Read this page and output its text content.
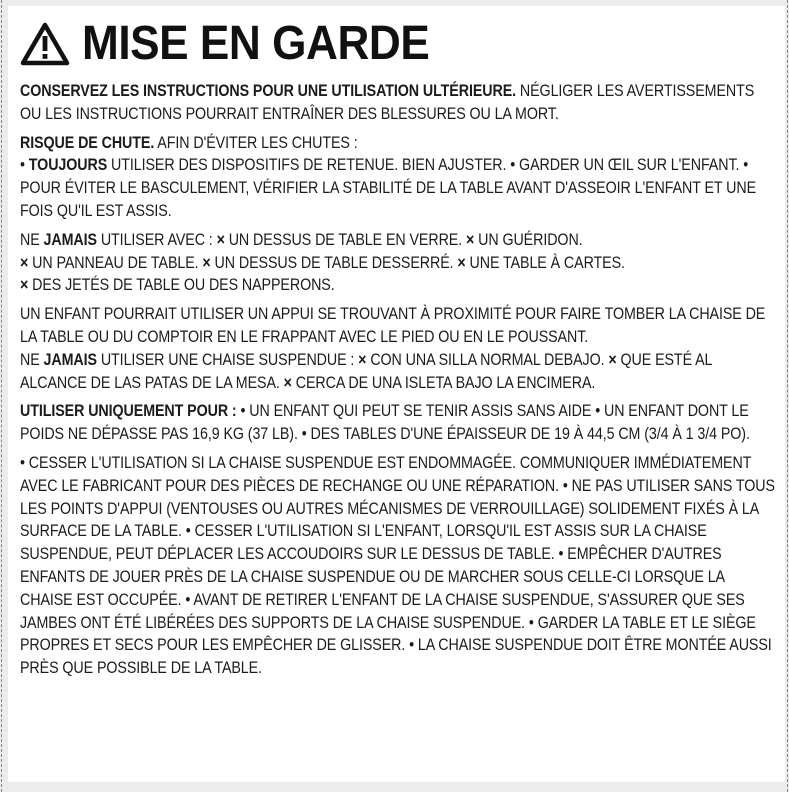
MISE EN GARDE

CONSERVEZ LES INSTRUCTIONS POUR UNE UTILISATION ULTÉRIEURE. NÉGLIGER LES AVERTISSEMENTS OU LES INSTRUCTIONS POURRAIT ENTRAÎNER DES BLESSURES OU LA MORT.

RISQUE DE CHUTE. AFIN D'ÉVITER LES CHUTES :
• TOUJOURS UTILISER DES DISPOSITIFS DE RETENUE. BIEN AJUSTER. • GARDER UN ŒIL SUR L'ENFANT. • POUR ÉVITER LE BASCULEMENT, VÉRIFIER LA STABILITÉ DE LA TABLE AVANT D'ASSEOIR L'ENFANT ET UNE FOIS QU'IL EST ASSIS.

NE JAMAIS UTILISER AVEC : × UN DESSUS DE TABLE EN VERRE. × UN GUÉRIDON.
× UN PANNEAU DE TABLE. × UN DESSUS DE TABLE DESSERRÉ. × UNE TABLE À CARTES.
× DES JETÉS DE TABLE OU DES NAPPERONS.

UN ENFANT POURRAIT UTILISER UN APPUI SE TROUVANT À PROXIMITÉ POUR FAIRE TOMBER LA CHAISE DE LA TABLE OU DU COMPTOIR EN LE FRAPPANT AVEC LE PIED OU EN LE POUSSANT.
NE JAMAIS UTILISER UNE CHAISE SUSPENDUE : × CON UNA SILLA NORMAL DEBAJO. × QUE ESTÉ AL ALCANCE DE LAS PATAS DE LA MESA. × CERCA DE UNA ISLETA BAJO LA ENCIMERA.

UTILISER UNIQUEMENT POUR : • UN ENFANT QUI PEUT SE TENIR ASSIS SANS AIDE • UN ENFANT DONT LE POIDS NE DÉPASSE PAS 16,9 KG (37 LB). • DES TABLES D'UNE ÉPAISSEUR DE 19 À 44,5 CM (3/4 À 1 3/4 PO).

• CESSER L'UTILISATION SI LA CHAISE SUSPENDUE EST ENDOMMAGÉE. COMMUNIQUER IMMÉDIATEMENT AVEC LE FABRICANT POUR DES PIÈCES DE RECHANGE OU UNE RÉPARATION. • NE PAS UTILISER SANS TOUS LES POINTS D'APPUI (VENTOUSES OU AUTRES MÉCANISMES DE VERROUILLAGE) SOLIDEMENT FIXÉS À LA SURFACE DE LA TABLE. • CESSER L'UTILISATION SI L'ENFANT, LORSQU'IL EST ASSIS SUR LA CHAISE SUSPENDUE, PEUT DÉPLACER LES ACCOUDOIRS SUR LE DESSUS DE TABLE. • EMPÊCHER D'AUTRES ENFANTS DE JOUER PRÈS DE LA CHAISE SUSPENDUE OU DE MARCHER SOUS CELLE-CI LORSQUE LA CHAISE EST OCCUPÉE. • AVANT DE RETIRER L'ENFANT DE LA CHAISE SUSPENDUE, S'ASSURER QUE SES JAMBES ONT ÉTÉ LIBÉRÉES DES SUPPORTS DE LA CHAISE SUSPENDUE. • GARDER LA TABLE ET LE SIÈGE PROPRES ET SECS POUR LES EMPÊCHER DE GLISSER. • LA CHAISE SUSPENDUE DOIT ÊTRE MONTÉE AUSSI PRÈS QUE POSSIBLE DE LA TABLE.
